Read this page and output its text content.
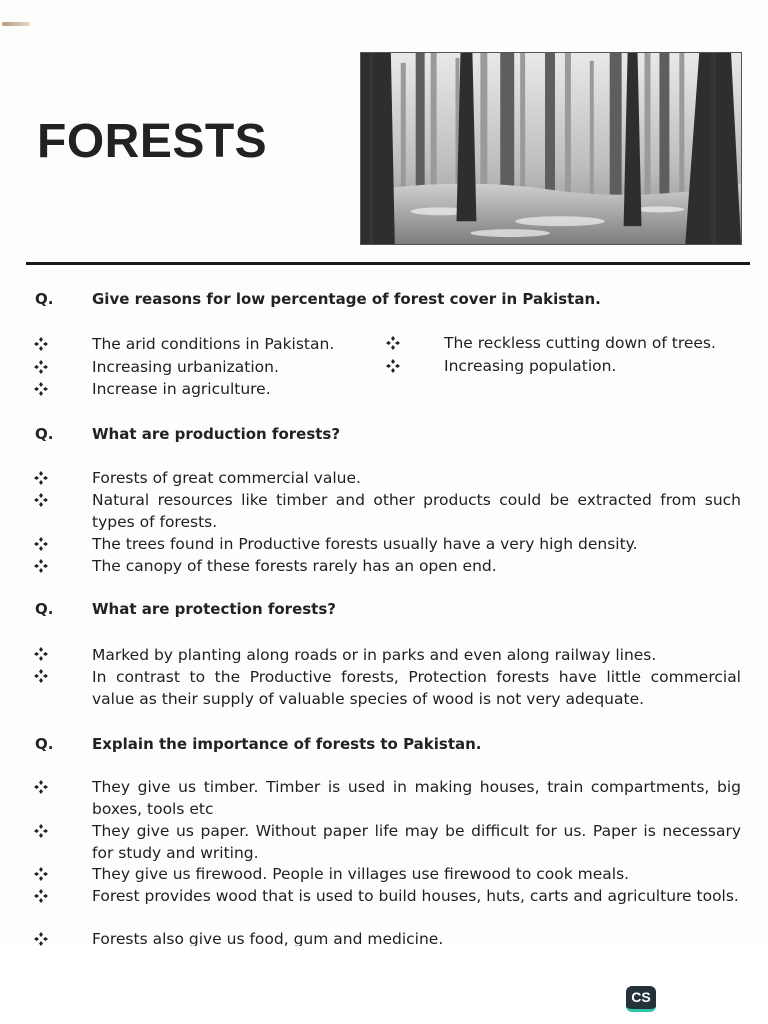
FORESTS
Q.	Give reasons for low percentage of forest cover in Pakistan.
The arid conditions in Pakistan.
Increasing urbanization.
Increase in agriculture.
The reckless cutting down of trees.
Increasing population.
Q.	What are production forests?
Forests of great commercial value.
Natural resources like timber and other products could be extracted from such types of forests.
The trees found in Productive forests usually have a very high density.
The canopy of these forests rarely has an open end.
Q.	What are protection forests?
Marked by planting along roads or in parks and even along railway lines.
In contrast to the Productive forests, Protection forests have little commercial value as their supply of valuable species of wood is not very adequate.
Q.	Explain the importance of forests to Pakistan.
They give us timber. Timber is used in making houses, train compartments, big boxes, tools etc
They give us paper. Without paper life may be difficult for us. Paper is necessary for study and writing.
They give us firewood. People in villages use firewood to cook meals.
Forest provides wood that is used to build houses, huts, carts and agriculture tools.
Forests also give us food, gum and medicine.
CS
